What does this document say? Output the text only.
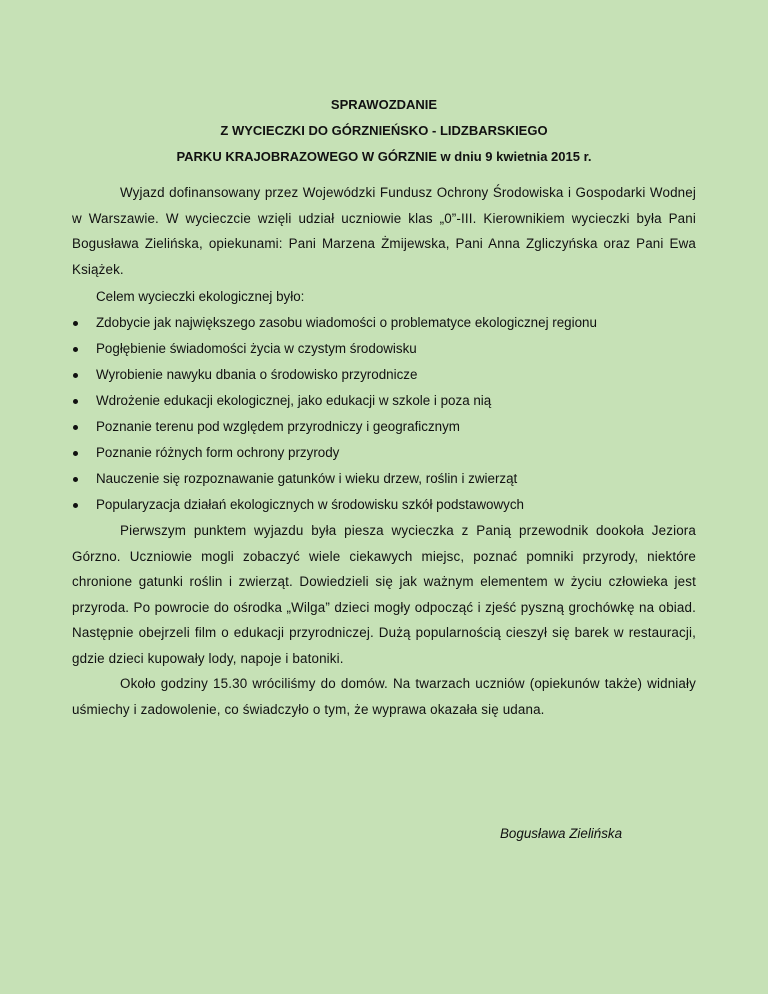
SPRAWOZDANIE
Z WYCIECZKI DO GÓRZNIEŃSKO - LIDZBARSKIEGO
PARKU KRAJOBRAZOWEGO W GÓRZNIE w dniu 9 kwietnia 2015 r.

Wyjazd dofinansowany przez Wojewódzki Fundusz Ochrony Środowiska i Gospodarki Wodnej w Warszawie. W wycieczcie wzięli udział uczniowie klas „0”-III. Kierownikiem wycieczki była Pani Bogusława Zielińska, opiekunami: Pani Marzena Żmijewska, Pani Anna Zgliczyńska oraz Pani Ewa Książek.

Celem wycieczki ekologicznej było:

Zdobycie jak największego zasobu wiadomości o problematyce ekologicznej regionu
Pogłębienie świadomości życia w czystym środowisku
Wyrobienie nawyku dbania o środowisko przyrodnicze
Wdrożenie edukacji ekologicznej, jako edukacji w szkole i poza nią
Poznanie terenu pod względem przyrodniczy i geograficznym
Poznanie różnych form ochrony przyrody
Nauczenie się rozpoznawanie gatunków i wieku drzew, roślin i zwierząt
Popularyzacja działań ekologicznych w środowisku szkół podstawowych

Pierwszym punktem wyjazdu była piesza wycieczka z Panią przewodnik dookoła Jeziora Górzno. Uczniowie mogli zobaczyć wiele ciekawych miejsc, poznać pomniki przyrody, niektóre chronione gatunki roślin i zwierząt. Dowiedzieli się jak ważnym elementem w życiu człowieka jest przyroda. Po powrocie do ośrodka „Wilga” dzieci mogły odpocząć i zjeść pyszną grochówkę na obiad. Następnie obejrzeli film o edukacji przyrodniczej. Dużą popularnością cieszył się barek w restauracji, gdzie dzieci kupowały lody, napoje i batoniki.

Około godziny 15.30 wróciliśmy do domów. Na twarzach uczniów (opiekunów także) widniały uśmiechy i zadowolenie, co świadczyło o tym, że wyprawa okazała się udana.

Bogusława Zielińska
